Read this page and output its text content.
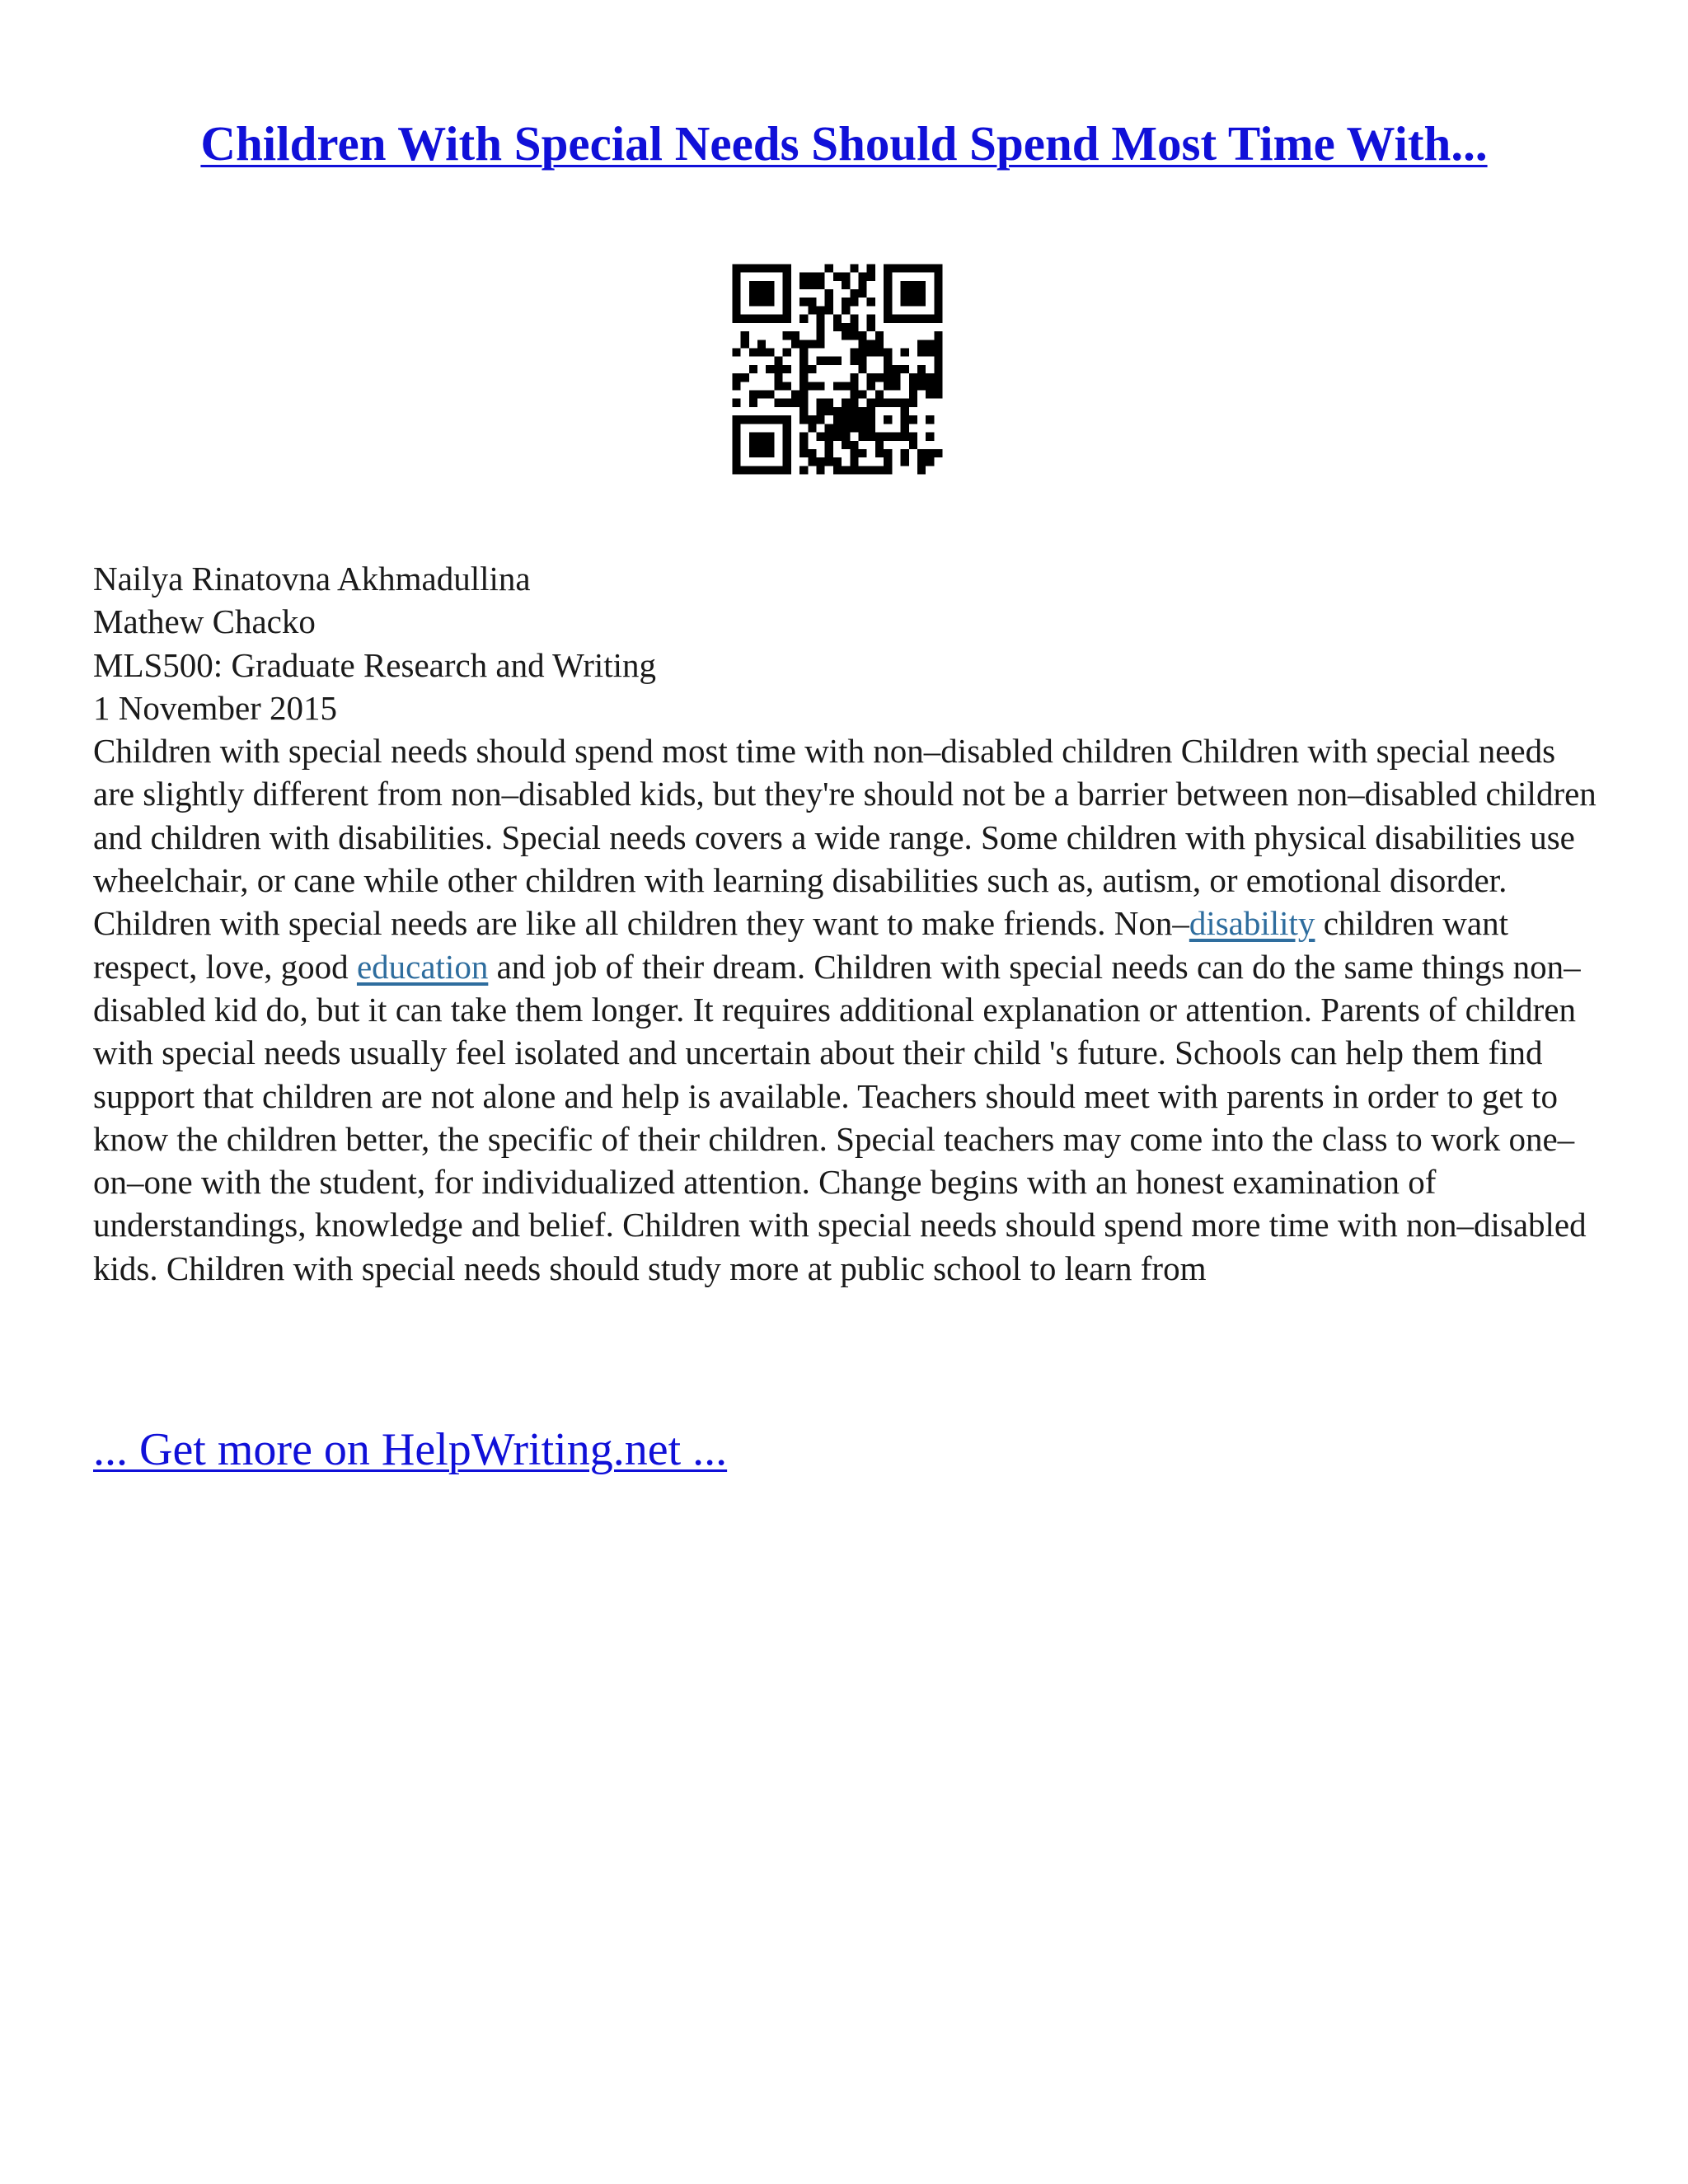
Children With Special Needs Should Spend Most Time With...
Nailya Rinatovna Akhmadullina
Mathew Chacko
MLS500: Graduate Research and Writing
1 November 2015

Children with special needs should spend most time with non–disabled children Children with special needs are slightly different from non–disabled kids, but they're should not be a barrier between non–disabled children and children with disabilities. Special needs covers a wide range. Some children with physical disabilities use wheelchair, or cane while other children with learning disabilities such as, autism, or emotional disorder. Children with special needs are like all children they want to make friends. Non–disability children want respect, love, good education and job of their dream. Children with special needs can do the same things non–disabled kid do, but it can take them longer. It requires additional explanation or attention. Parents of children with special needs usually feel isolated and uncertain about their child 's future. Schools can help them find support that children are not alone and help is available. Teachers should meet with parents in order to get to know the children better, the specific of their children. Special teachers may come into the class to work one–on–one with the student, for individualized attention. Change begins with an honest examination of understandings, knowledge and belief. Children with special needs should spend more time with non–disabled kids. Children with special needs should study more at public school to learn from

... Get more on HelpWriting.net ...
